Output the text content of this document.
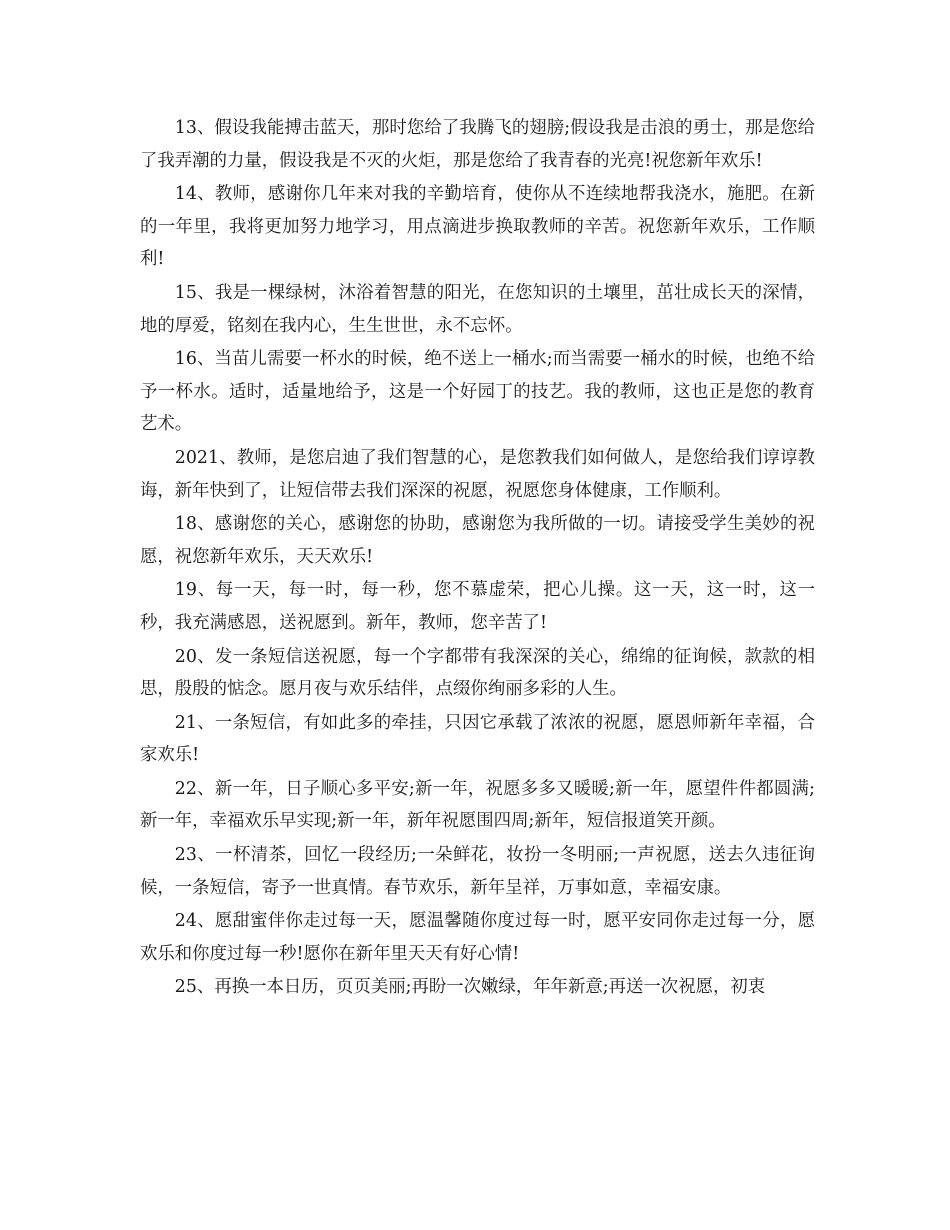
13、假设我能搏击蓝天，那时您给了我腾飞的翅膀;假设我是击浪的勇士，那是您给了我弄潮的力量，假设我是不灭的火炬，那是您给了我青春的光亮!祝您新年欢乐!

14、教师，感谢你几年来对我的辛勤培育，使你从不连续地帮我浇水，施肥。在新的一年里，我将更加努力地学习，用点滴进步换取教师的辛苦。祝您新年欢乐，工作顺利!

15、我是一棵绿树，沐浴着智慧的阳光，在您知识的土壤里，茁壮成长天的深情，地的厚爱，铭刻在我内心，生生世世，永不忘怀。

16、当苗儿需要一杯水的时候，绝不送上一桶水;而当需要一桶水的时候，也绝不给予一杯水。适时，适量地给予，这是一个好园丁的技艺。我的教师，这也正是您的教育艺术。

2021、教师，是您启迪了我们智慧的心，是您教我们如何做人，是您给我们谆谆教诲，新年快到了，让短信带去我们深深的祝愿，祝愿您身体健康，工作顺利。

18、感谢您的关心，感谢您的协助，感谢您为我所做的一切。请接受学生美妙的祝愿，祝您新年欢乐，天天欢乐!

19、每一天，每一时，每一秒，您不慕虚荣，把心儿操。这一天，这一时，这一秒，我充满感恩，送祝愿到。新年，教师，您辛苦了!

20、发一条短信送祝愿，每一个字都带有我深深的关心，绵绵的征询候，款款的相思，殷殷的惦念。愿月夜与欢乐结伴，点缀你绚丽多彩的人生。

21、一条短信，有如此多的牵挂，只因它承载了浓浓的祝愿，愿恩师新年幸福，合家欢乐!

22、新一年，日子顺心多平安;新一年，祝愿多多又暖暖;新一年，愿望件件都圆满;新一年，幸福欢乐早实现;新一年，新年祝愿围四周;新年，短信报道笑开颜。

23、一杯清茶，回忆一段经历;一朵鲜花，妆扮一冬明丽;一声祝愿，送去久违征询候，一条短信，寄予一世真情。春节欢乐，新年呈祥，万事如意，幸福安康。

24、愿甜蜜伴你走过每一天，愿温馨随你度过每一时，愿平安同你走过每一分，愿欢乐和你度过每一秒!愿你在新年里天天有好心情!

25、再换一本日历，页页美丽;再盼一次嫩绿，年年新意;再送一次祝愿，初衷
